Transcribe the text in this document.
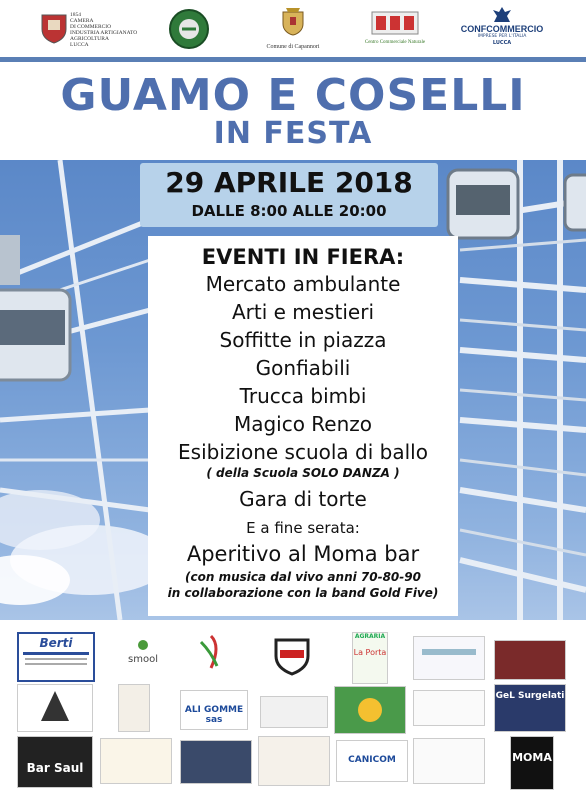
1854
CAMERA
DI COMMERCIO
INDUSTRIA ARTIGIANATO
AGRICOLTURA
LUCCA	Comune di Capannori
Centro Commerciale Naturale
CONFCOMMERCIO
IMPRESE PER L'ITALIA
LUCCA
GUAMO E COSELLI
IN FESTA
29 APRILE 2018
DALLE 8:00 ALLE 20:00
EVENTI IN FIERA:
Mercato ambulante
Arti e mestieri
Soffitte in piazza
Gonfiabili
Trucca bimbi
Magico Renzo
Esibizione scuola di ballo
( della Scuola SOLO DANZA )
Gara di torte
E a fine serata:
Aperitivo al Moma bar
(con musica dal vivo anni 70-80-90
in collaborazione con la band Gold Five)
Berti
smool
AGRARIA
La Porta
ALI GOMME sas
GeL Surgelati
Bar Saul
CANICOM	MOMA
